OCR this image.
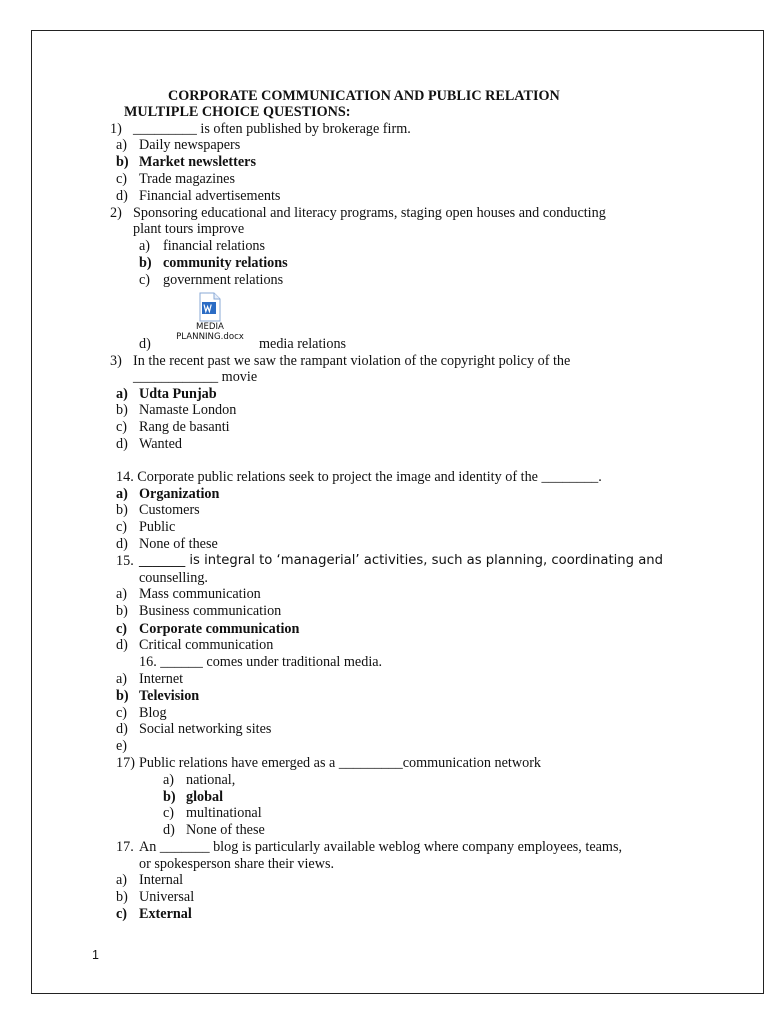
CORPORATE COMMUNICATION AND PUBLIC RELATION
MULTIPLE CHOICE QUESTIONS:
1) _________ is often published by brokerage firm.
a) Daily newspapers
b) Market newsletters
c) Trade magazines
d) Financial advertisements
2) Sponsoring educational and literacy programs, staging open houses and conducting
plant tours improve
a) financial relations
b) community relations
c) government relations
MEDIA
PLANNING.docx
d)	media relations
3) In the recent past we saw the rampant violation of the copyright policy of the
____________ movie
a) Udta Punjab
b) Namaste London
c) Rang de basanti
d) Wanted
14. Corporate public relations seek to project the image and identity of the ________.
a) Organization
b) Customers
c) Public
d) None of these
15. _______ is integral to ‘managerial’ activities, such as planning, coordinating and
counselling.
a) Mass communication
b) Business communication
c) Corporate communication
d) Critical communication
16. ______ comes under traditional media.
a) Internet
b) Television
c) Blog
d) Social networking sites
e)
17) Public relations have emerged as a _________communication network
a) national,
b) global
c) multinational
d) None of these
17. An _______ blog is particularly available weblog where company employees, teams,
or spokesperson share their views.
a) Internal
b) Universal
c) External
1
